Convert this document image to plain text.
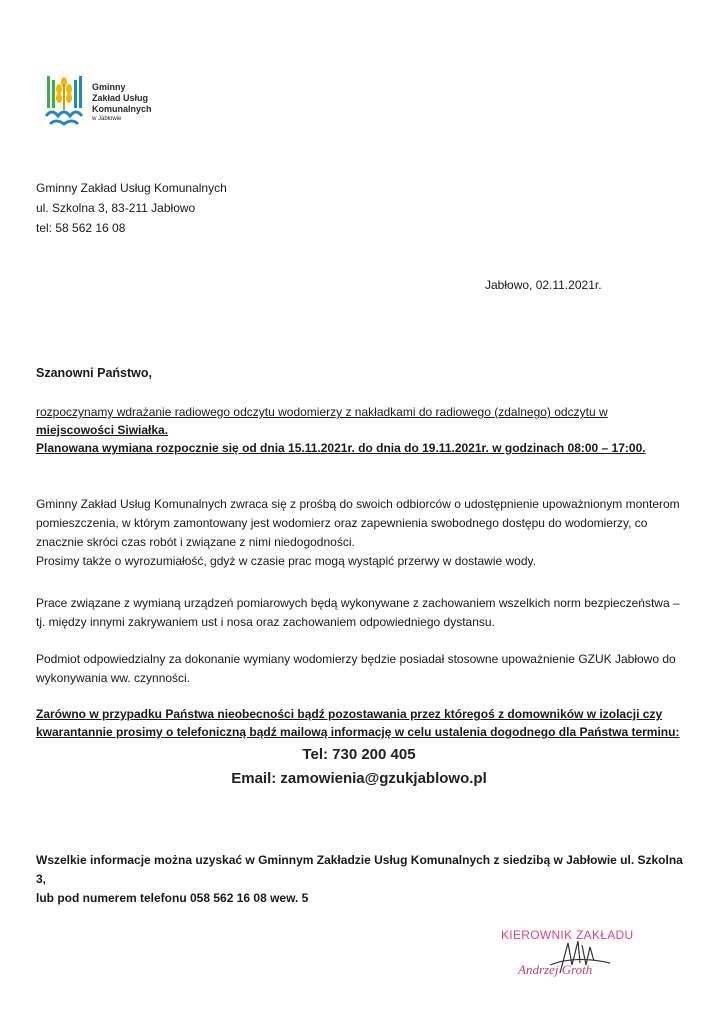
Gminny
Zakład Usług
Komunalnych
w Jabłowie
Gminny Zakład Usług Komunalnych
ul. Szkolna 3, 83-211 Jabłowo
tel: 58 562 16 08
Jabłowo, 02.11.2021r.
Szanowni Państwo,
rozpoczynamy wdrażanie radiowego odczytu wodomierzy z nakładkami do radiowego (zdalnego) odczytu w
miejscowości Siwiałka.
Planowana wymiana rozpocznie się od dnia 15.11.2021r. do dnia do 19.11.2021r. w godzinach 08:00 – 17:00.
Gminny Zakład Usług Komunalnych zwraca się z prośbą do swoich odbiorców o udostępnienie upoważnionym monterom pomieszczenia, w którym zamontowany jest wodomierz oraz zapewnienia swobodnego dostępu do wodomierzy, co znacznie skróci czas robót i związane z nimi niedogodności.
Prosimy także o wyrozumiałość, gdyż w czasie prac mogą wystąpić przerwy w dostawie wody.
Prace związane z wymianą urządzeń pomiarowych będą wykonywane z zachowaniem wszelkich norm bezpieczeństwa – tj. między innymi zakrywaniem ust i nosa oraz zachowaniem odpowiedniego dystansu.
Podmiot odpowiedzialny za dokonanie wymiany wodomierzy będzie posiadał stosowne upoważnienie GZUK Jabłowo do wykonywania ww. czynności.
Zarówno w przypadku Państwa nieobecności bądź pozostawania przez któregoś z domowników w izolacji czy kwarantannie prosimy o telefoniczną bądź mailową informację w celu ustalenia dogodnego dla Państwa terminu:
Tel: 730 200 405
Email: zamowienia@gzukjablowo.pl
Wszelkie informacje można uzyskać w Gminnym Zakładzie Usług Komunalnych z siedzibą w Jabłowie ul. Szkolna 3,
lub pod numerem telefonu 058 562 16 08 wew. 5
KIEROWNIK ZAKŁADU
Andrzej Groth
